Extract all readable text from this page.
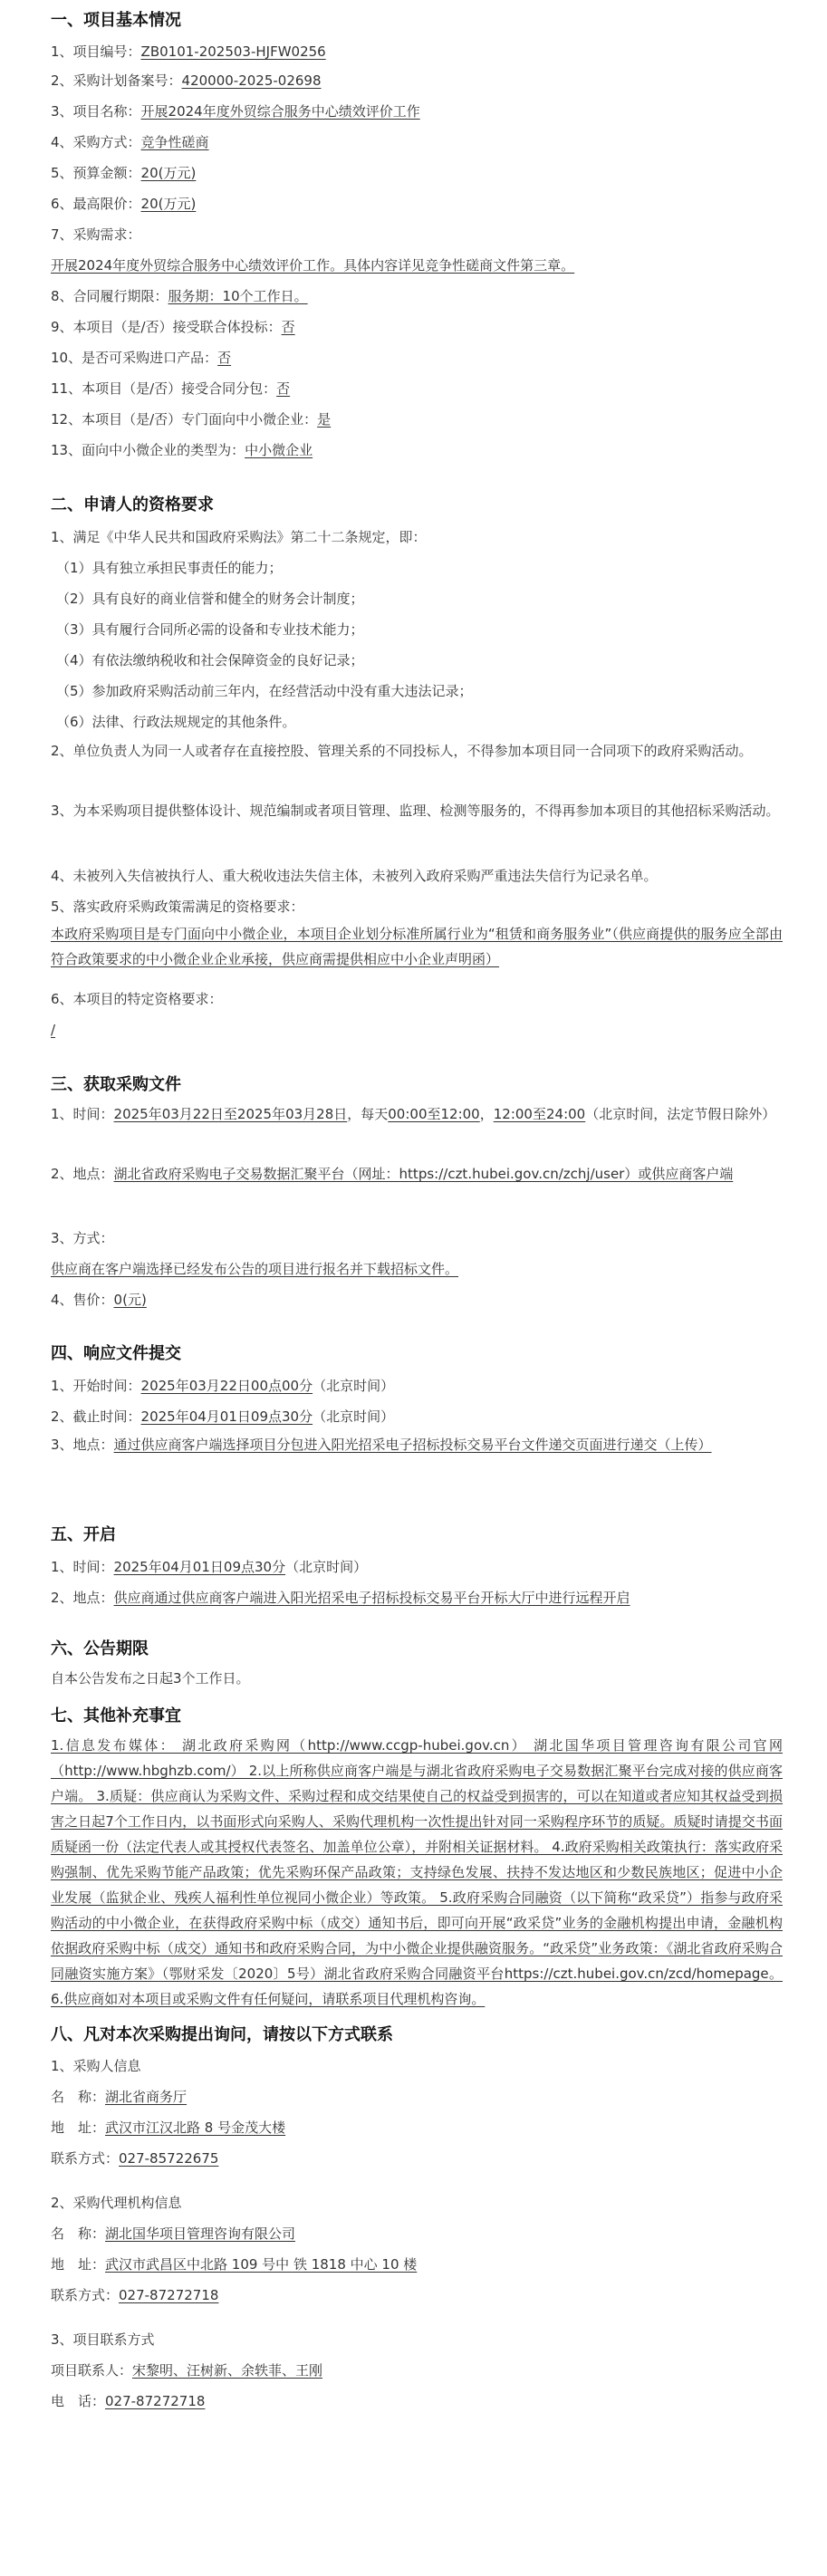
一、项目基本情况
1、项目编号：ZB0101-202503-HJFW0256
2、采购计划备案号：420000-2025-02698
3、项目名称：开展2024年度外贸综合服务中心绩效评价工作
4、采购方式：竞争性磋商
5、预算金额：20(万元)
6、最高限价：20(万元)
7、采购需求：
开展2024年度外贸综合服务中心绩效评价工作。具体内容详见竞争性磋商文件第三章。
8、合同履行期限：服务期：10个工作日。
9、本项目（是/否）接受联合体投标：否
10、是否可采购进口产品：否
11、本项目（是/否）接受合同分包：否
12、本项目（是/否）专门面向中小微企业：是
13、面向中小微企业的类型为：中小微企业
二、申请人的资格要求
1、满足《中华人民共和国政府采购法》第二十二条规定，即：
（1）具有独立承担民事责任的能力；
（2）具有良好的商业信誉和健全的财务会计制度；
（3）具有履行合同所必需的设备和专业技术能力；
（4）有依法缴纳税收和社会保障资金的良好记录；
（5）参加政府采购活动前三年内，在经营活动中没有重大违法记录；
（6）法律、行政法规规定的其他条件。
2、单位负责人为同一人或者存在直接控股、管理关系的不同投标人，不得参加本项目同一合同项下的政府采购活动。
3、为本采购项目提供整体设计、规范编制或者项目管理、监理、检测等服务的，不得再参加本项目的其他招标采购活动。
4、未被列入失信被执行人、重大税收违法失信主体，未被列入政府采购严重违法失信行为记录名单。
5、落实政府采购政策需满足的资格要求：
本政府采购项目是专门面向中小微企业，本项目企业划分标准所属行业为“租赁和商务服务业”（供应商提供的服务应全部由符合政策要求的中小微企业企业承接，供应商需提供相应中小企业声明函）
6、本项目的特定资格要求：
/
三、获取采购文件
1、时间：2025年03月22日至2025年03月28日，每天00:00至12:00，12:00至24:00（北京时间，法定节假日除外）
2、地点：湖北省政府采购电子交易数据汇聚平台（网址：https://czt.hubei.gov.cn/zchj/user）或供应商客户端
3、方式：
供应商在客户端选择已经发布公告的项目进行报名并下载招标文件。
4、售价：0(元)
四、响应文件提交
1、开始时间：2025年03月22日00点00分（北京时间）
2、截止时间：2025年04月01日09点30分（北京时间）
3、地点：通过供应商客户端选择项目分包进入阳光招采电子招标投标交易平台文件递交页面进行递交（上传）
五、开启
1、时间：2025年04月01日09点30分（北京时间）
2、地点：供应商通过供应商客户端进入阳光招采电子招标投标交易平台开标大厅中进行远程开启
六、公告期限
自本公告发布之日起3个工作日。
七、其他补充事宜
1.信息发布媒体： 湖北政府采购网（http://www.ccgp-hubei.gov.cn） 湖北国华项目管理咨询有限公司官网（http://www.hbghzb.com/） 2.以上所称供应商客户端是与湖北省政府采购电子交易数据汇聚平台完成对接的供应商客户端。 3.质疑：供应商认为采购文件、采购过程和成交结果使自己的权益受到损害的，可以在知道或者应知其权益受到损害之日起7个工作日内，以书面形式向采购人、采购代理机构一次性提出针对同一采购程序环节的质疑。质疑时请提交书面质疑函一份（法定代表人或其授权代表签名、加盖单位公章），并附相关证据材料。 4.政府采购相关政策执行：落实政府采购强制、优先采购节能产品政策；优先采购环保产品政策；支持绿色发展、扶持不发达地区和少数民族地区；促进中小企业发展（监狱企业、残疾人福利性单位视同小微企业）等政策。 5.政府采购合同融资（以下简称“政采贷”）指参与政府采购活动的中小微企业，在获得政府采购中标（成交）通知书后，即可向开展“政采贷”业务的金融机构提出申请，金融机构依据政府采购中标（成交）通知书和政府采购合同，为中小微企业提供融资服务。“政采贷”业务政策：《湖北省政府采购合同融资实施方案》（鄂财采发〔2020〕5号）湖北省政府采购合同融资平台https://czt.hubei.gov.cn/zcd/homepage。 6.供应商如对本项目或采购文件有任何疑问，请联系项目代理机构咨询。
八、凡对本次采购提出询问，请按以下方式联系
1、采购人信息
名　称：湖北省商务厅
地　址：武汉市江汉北路 8 号金茂大楼
联系方式：027-85722675
2、采购代理机构信息
名　称：湖北国华项目管理咨询有限公司
地　址：武汉市武昌区中北路 109 号中 铁 1818 中心 10 楼
联系方式：027-87272718
3、项目联系方式
项目联系人：宋黎明、汪树新、余轶菲、王刚
电　话：027-87272718
